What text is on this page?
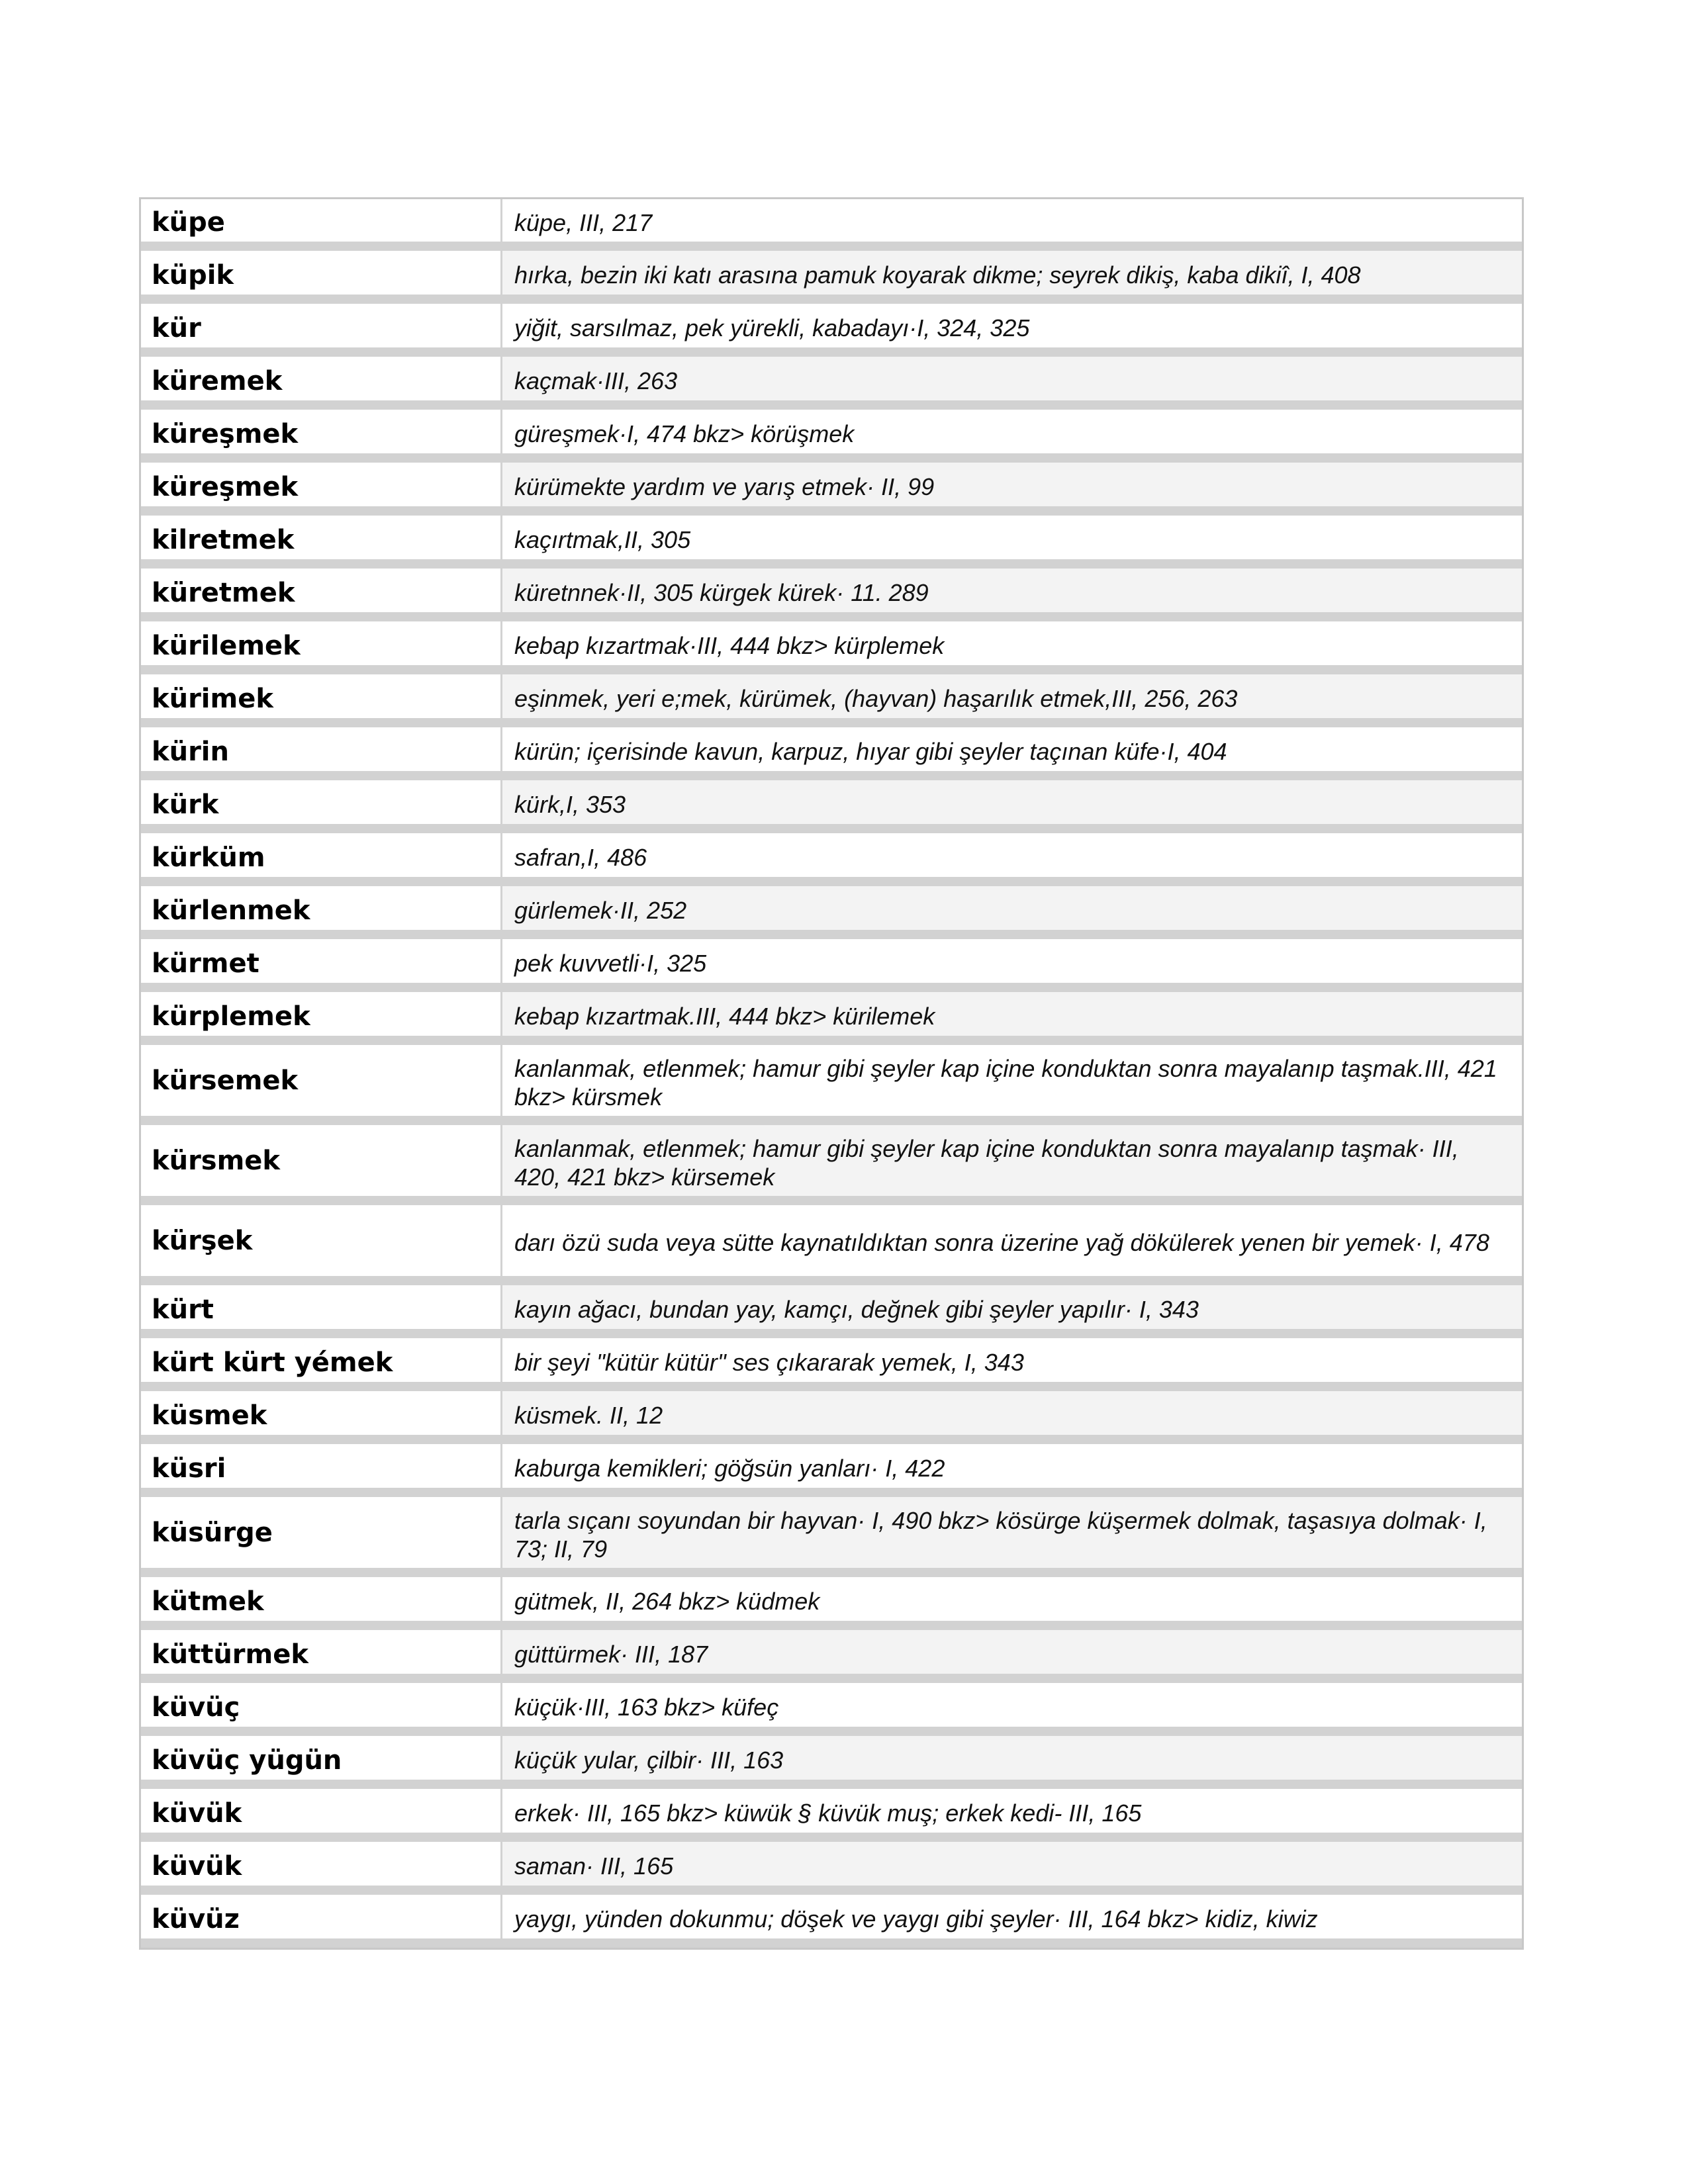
küpe	küpe, III, 217
küpik	hırka, bezin iki katı arasına pamuk koyarak dikme; seyrek dikiş, kaba dikiî, I, 408
kür	yiğit, sarsılmaz, pek yürekli, kabadayı·I, 324, 325
küremek	kaçmak·III, 263
küreşmek	güreşmek·I, 474 bkz> körüşmek
küreşmek	kürümekte yardım ve yarış etmek· II, 99
kilretmek	kaçırtmak,II, 305
küretmek	küretnnek·II, 305 kürgek kürek· 11. 289
kürilemek	kebap kızartmak·III, 444 bkz> kürplemek
kürimek	eşinmek, yeri e;mek, kürümek, (hayvan) haşarılık etmek,III, 256, 263
kürin	kürün; içerisinde kavun, karpuz, hıyar gibi şeyler taçınan küfe·I, 404
kürk	kürk,I, 353
kürküm	safran,I, 486
kürlenmek	gürlemek·II, 252
kürmet	pek kuvvetli·I, 325
kürplemek	kebap kızartmak.III, 444 bkz> kürilemek
kürsemek	kanlanmak, etlenmek; hamur gibi şeyler kap içine konduktan sonra mayalanıp taşmak.III, 421 bkz> kürsmek
kürsmek	kanlanmak, etlenmek; hamur gibi şeyler kap içine konduktan sonra mayalanıp taşmak· III, 420, 421 bkz> kürsemek
kürşek	darı özü suda veya sütte kaynatıldıktan sonra üzerine yağ dökülerek yenen bir yemek· I, 478
kürt	kayın ağacı, bundan yay, kamçı, değnek gibi şeyler yapılır· I, 343
kürt kürt yémek	bir şeyi "kütür kütür" ses çıkararak yemek, I, 343
küsmek	küsmek. II, 12
küsri	kaburga kemikleri; göğsün yanları· I, 422
küsürge	tarla sıçanı soyundan bir hayvan· I, 490 bkz> kösürge küşermek dolmak, taşasıya dolmak· I, 73; II, 79
kütmek	gütmek, II, 264 bkz> küdmek
küttürmek	güttürmek· III, 187
küvüç	küçük·III, 163 bkz> küfeç
küvüç yügün	küçük yular, çilbir· III, 163
küvük	erkek· III, 165 bkz> küwük § küvük muş; erkek kedi- III, 165
küvük	saman· III, 165
küvüz	yaygı, yünden dokunmu; döşek ve yaygı gibi şeyler· III, 164 bkz> kidiz, kiwiz
